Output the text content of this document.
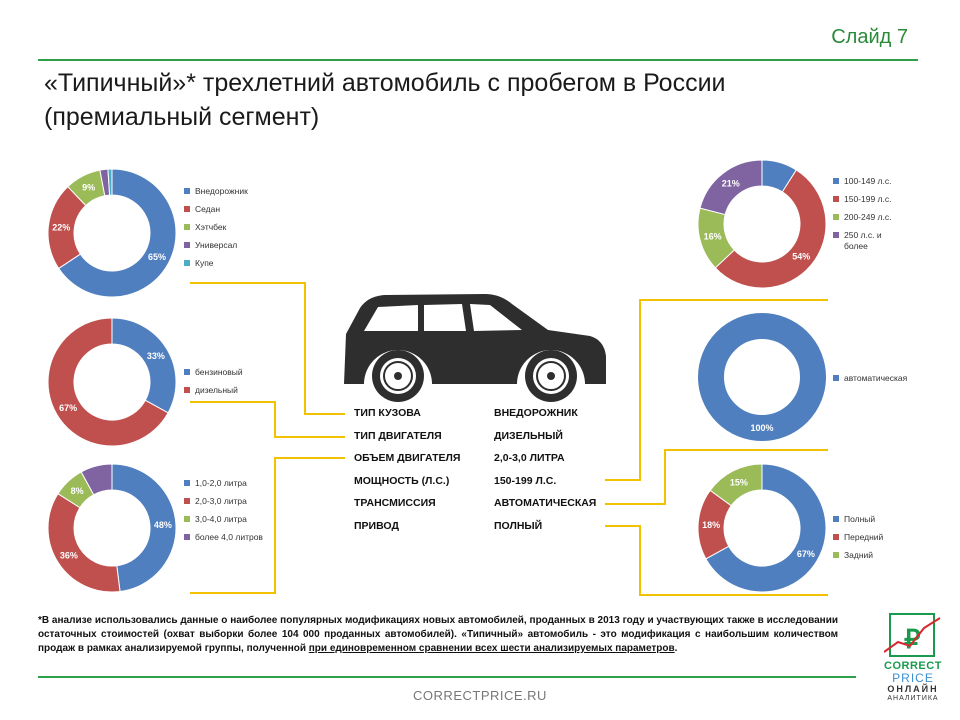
Слайд 7
«Типичный»* трехлетний автомобиль с пробегом в России (премиальный сегмент)
65%
22%
9%
33%
67%
48%
36%
8%
54%
16%
21%
100%
67%
18%
15%
Внедорожник
Седан
Хэтчбек
Универсал
Купе
бензиновый
дизельный
1,0-2,0 литра
2,0-3,0 литра
3,0-4,0 литра
более 4,0 литров
100-149 л.с.
150-199 л.с.
200-249 л.с.
250 л.с. и более
автоматическая
Полный
Передний
Задний
ТИП КУЗОВА	ВНЕДОРОЖНИК
ТИП ДВИГАТЕЛЯ	ДИЗЕЛЬНЫЙ
ОБЪЕМ ДВИГАТЕЛЯ	2,0-3,0 ЛИТРА
МОЩНОСТЬ (Л.С.)	150-199 Л.С.
ТРАНСМИССИЯ	АВТОМАТИЧЕСКАЯ
ПРИВОД	ПОЛНЫЙ
*В анализе использовались данные о наиболее популярных модификациях новых автомобилей, проданных в 2013 году и участвующих также в исследовании остаточных стоимостей (охват выборки более 104 000 проданных автомобилей). «Типичный» автомобиль - это модификация с наибольшим количеством продаж в рамках анализируемой группы, полученной при единовременном сравнении всех шести анализируемых параметров.
CORRECTPRICE.RU
₽
CORRECT
PRICE
ОНЛАЙН
АНАЛИТИКА
